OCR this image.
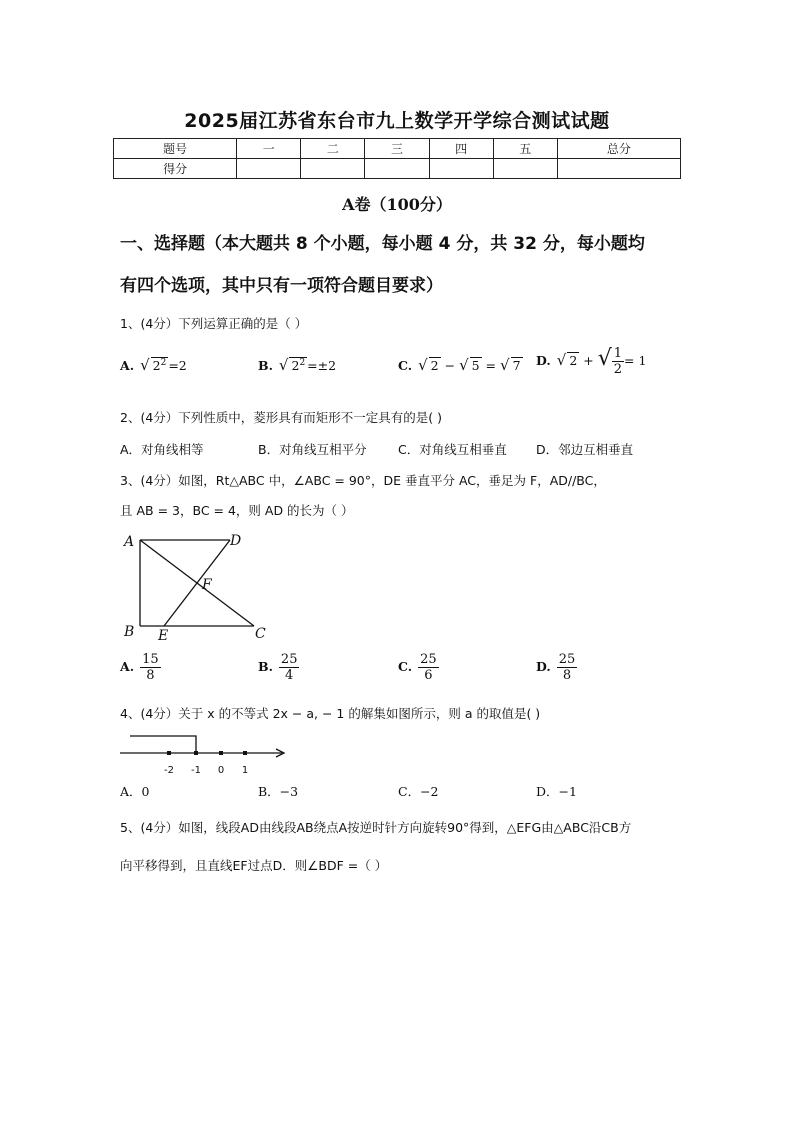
2025届江苏省东台市九上数学开学综合测试试题
题号	一	二	三	四	五	总分
得分						
A卷（100分）
一、选择题（本大题共 8 个小题，每小题 4 分，共 32 分，每小题均
有四个选项，其中只有一项符合题目要求）
1、(4分）下列运算正确的是（ ）
A. √ $2^2 =2$	B. √ $2^2 =\pm 2$	C. √ 2 − √ 5 = √ 7 D. √ 2 + √ $\frac{1}{2} = 1$
2、(4分）下列性质中，菱形具有而矩形不一定具有的是( )
A．对角线相等	B．对角线互相平分	C．对角线互相垂直 D．邻边互相垂直
3、(4分）如图，Rt△ABC 中，∠ABC = 90°，DE 垂直平分 AC，垂足为 F，AD//BC，
且 AB = 3，BC = 4，则 AD 的长为（ ）
A
B	C
D
E
F
A. $\frac{15}{8}$	B. $\frac{25}{4}$	C. $\frac{25}{6}$	D. $\frac{25}{8}$
4、(4分）关于 x 的不等式 2x − a, − 1 的解集如图所示，则 a 的取值是( )
-2 -1 0 1
A．0	B．−3	C．−2	D．−1
5、(4分）如图，线段AD由线段AB绕点A按逆时针方向旋转90°得到，△EFG由△ABC沿CB方
向平移得到，且直线EF过点D．则∠BDF =（ ）
